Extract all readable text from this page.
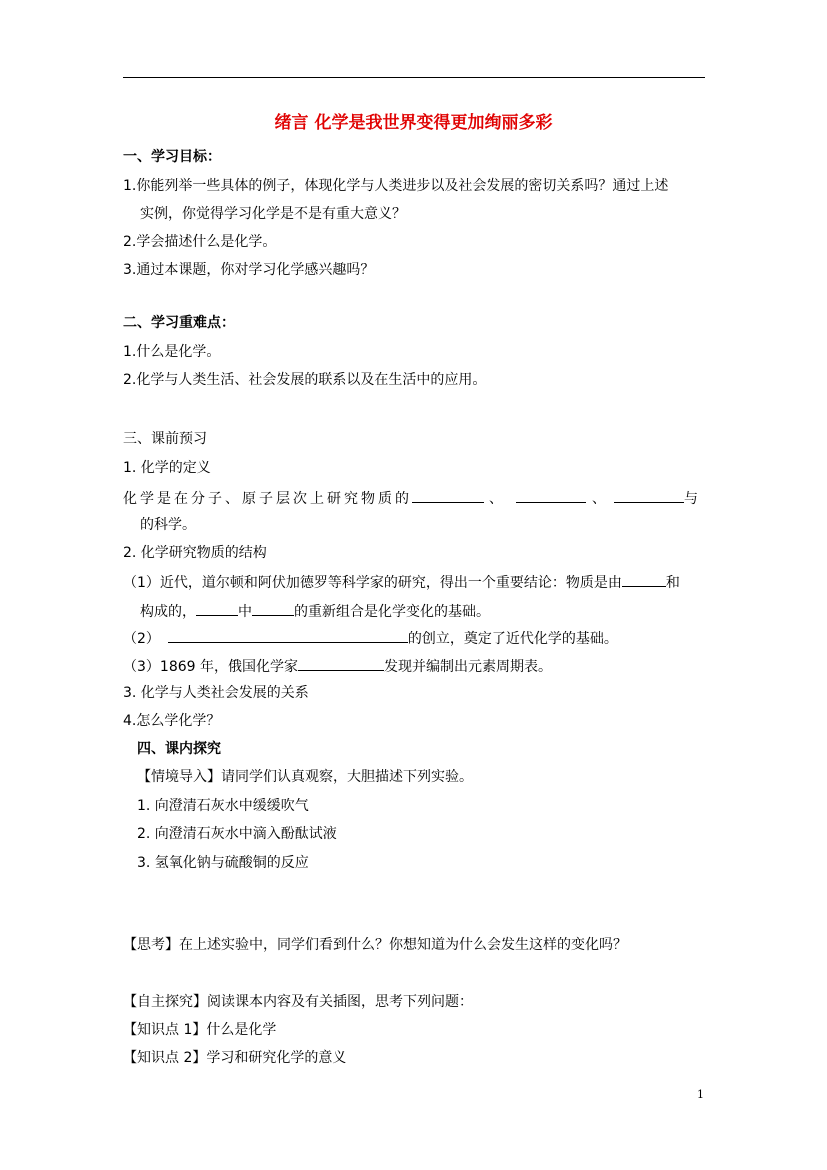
绪言 化学是我世界变得更加绚丽多彩
一、学习目标：
1.你能列举一些具体的例子，体现化学与人类进步以及社会发展的密切关系吗？通过上述
实例，你觉得学习化学是不是有重大意义？
2.学会描述什么是化学。
3.通过本课题，你对学习化学感兴趣吗？
二、学习重难点：
1.什么是化学。
2.化学与人类生活、社会发展的联系以及在生活中的应用。
三、课前预习
1. 化学的定义
化学是在分子、原子层次上研究物质的	、	、	与
的科学。
2. 化学研究物质的结构
（1）近代，道尔顿和阿伏加德罗等科学家的研究，得出一个重要结论：物质是由	和
构成的，	中	的重新组合是化学变化的基础。
（2）	的创立，奠定了近代化学的基础。
（3）1869 年，俄国化学家	发现并编制出元素周期表。
3. 化学与人类社会发展的关系
4.怎么学化学？
四、课内探究
【情境导入】请同学们认真观察，大胆描述下列实验。
1. 向澄清石灰水中缓缓吹气
2. 向澄清石灰水中滴入酚酞试液
3. 氢氧化钠与硫酸铜的反应
【思考】在上述实验中，同学们看到什么？你想知道为什么会发生这样的变化吗？
【自主探究】阅读课本内容及有关插图，思考下列问题：
【知识点 1】什么是化学
【知识点 2】学习和研究化学的意义
1
